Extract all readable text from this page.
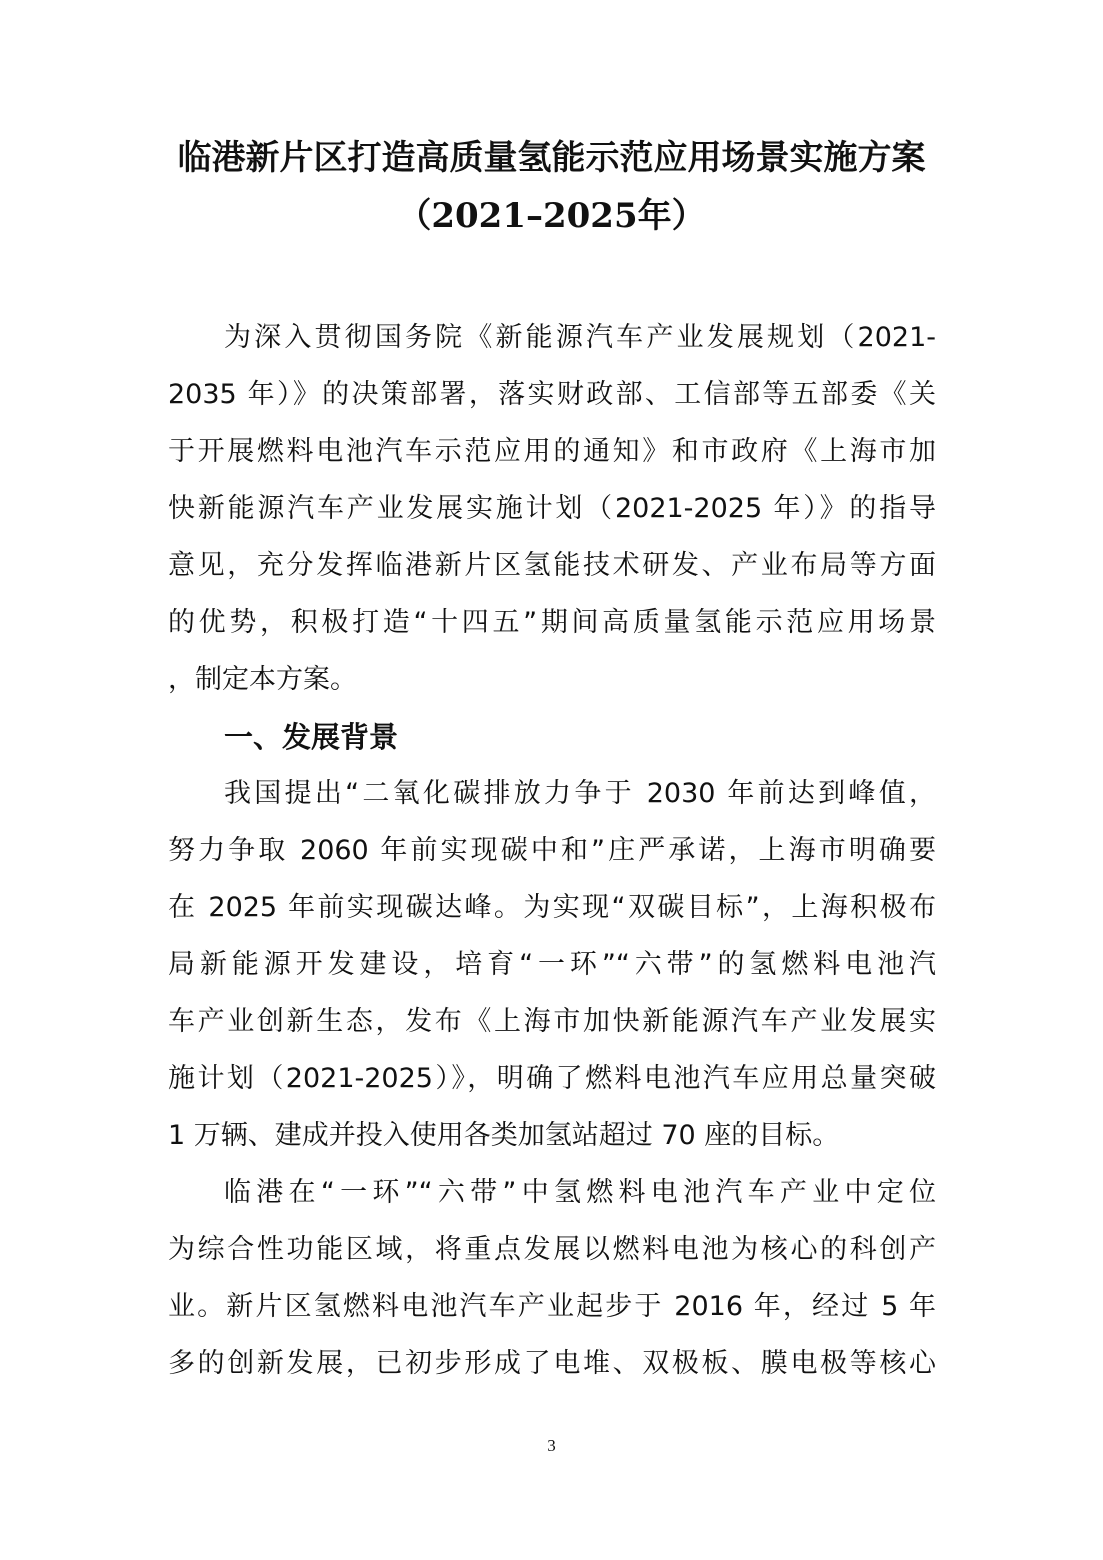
临港新片区打造高质量氢能示范应用场景实施方案
（2021–2025年）
为深入贯彻国务院《新能源汽车产业发展规划（2021-
2035 年）》的决策部署，落实财政部、工信部等五部委《关
于开展燃料电池汽车示范应用的通知》和市政府《上海市加
快新能源汽车产业发展实施计划（2021-2025 年）》的指导
意见，充分发挥临港新片区氢能技术研发、产业布局等方面
的优势，积极打造“十四五”期间高质量氢能示范应用场景
，制定本方案。
一、发展背景
我国提出“二氧化碳排放力争于 2030 年前达到峰值，
努力争取 2060 年前实现碳中和”庄严承诺，上海市明确要
在 2025 年前实现碳达峰。为实现“双碳目标”，上海积极布
局新能源开发建设，培育“一环”“六带”的氢燃料电池汽
车产业创新生态，发布《上海市加快新能源汽车产业发展实
施计划（2021-2025）》，明确了燃料电池汽车应用总量突破
1 万辆、建成并投入使用各类加氢站超过 70 座的目标。
临港在“一环”“六带”中氢燃料电池汽车产业中定位
为综合性功能区域，将重点发展以燃料电池为核心的科创产
业。新片区氢燃料电池汽车产业起步于 2016 年，经过 5 年
多的创新发展，已初步形成了电堆、双极板、膜电极等核心
3
